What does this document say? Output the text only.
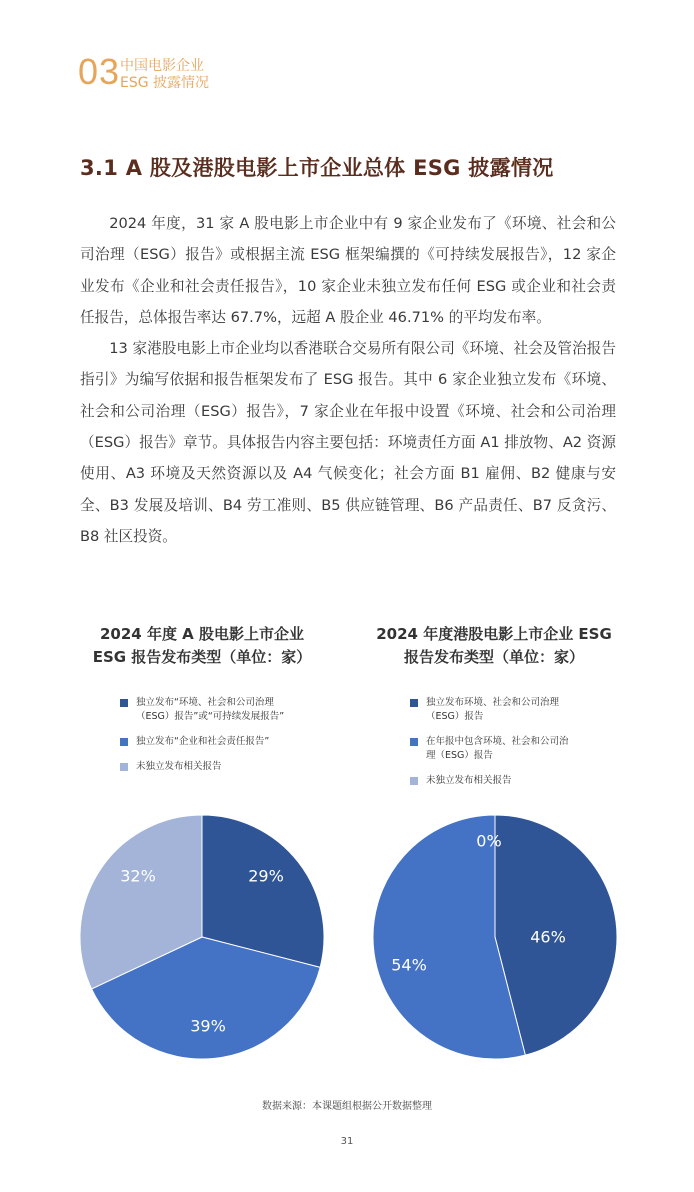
03 中国电影企业
ESG 披露情况
3.1 A 股及港股电影上市企业总体 ESG 披露情况

2024 年度，31 家 A 股电影上市企业中有 9 家企业发布了《环境、社会和公司治理（ESG）报告》或根据主流 ESG 框架编撰的《可持续发展报告》，12 家企业发布《企业和社会责任报告》，10 家企业未独立发布任何 ESG 或企业和社会责任报告，总体报告率达 67.7%，远超 A 股企业 46.71% 的平均发布率。

13 家港股电影上市企业均以香港联合交易所有限公司《环境、社会及管治报告指引》为编写依据和报告框架发布了 ESG 报告。其中 6 家企业独立发布《环境、社会和公司治理（ESG）报告》，7 家企业在年报中设置《环境、社会和公司治理（ESG）报告》章节。具体报告内容主要包括：环境责任方面 A1 排放物、A2 资源使用、A3 环境及天然资源以及 A4 气候变化；社会方面 B1 雇佣、B2 健康与安全、B3 发展及培训、B4 劳工准则、B5 供应链管理、B6 产品责任、B7 反贪污、B8 社区投资。

2024 年度 A 股电影上市企业
ESG 报告发布类型（单位：家）
独立发布“环境、社会和公司治理
（ESG）报告”或“可持续发展报告”
独立发布“企业和社会责任报告”
未独立发布相关报告
29%
39%
32%
2024 年度港股电影上市企业 ESG
报告发布类型（单位：家）
独立发布环境、社会和公司治理
（ESG）报告
在年报中包含环境、社会和公司治
理（ESG）报告
未独立发布相关报告
46%
54%
0%
数据来源：本课题组根据公开数据整理
31
